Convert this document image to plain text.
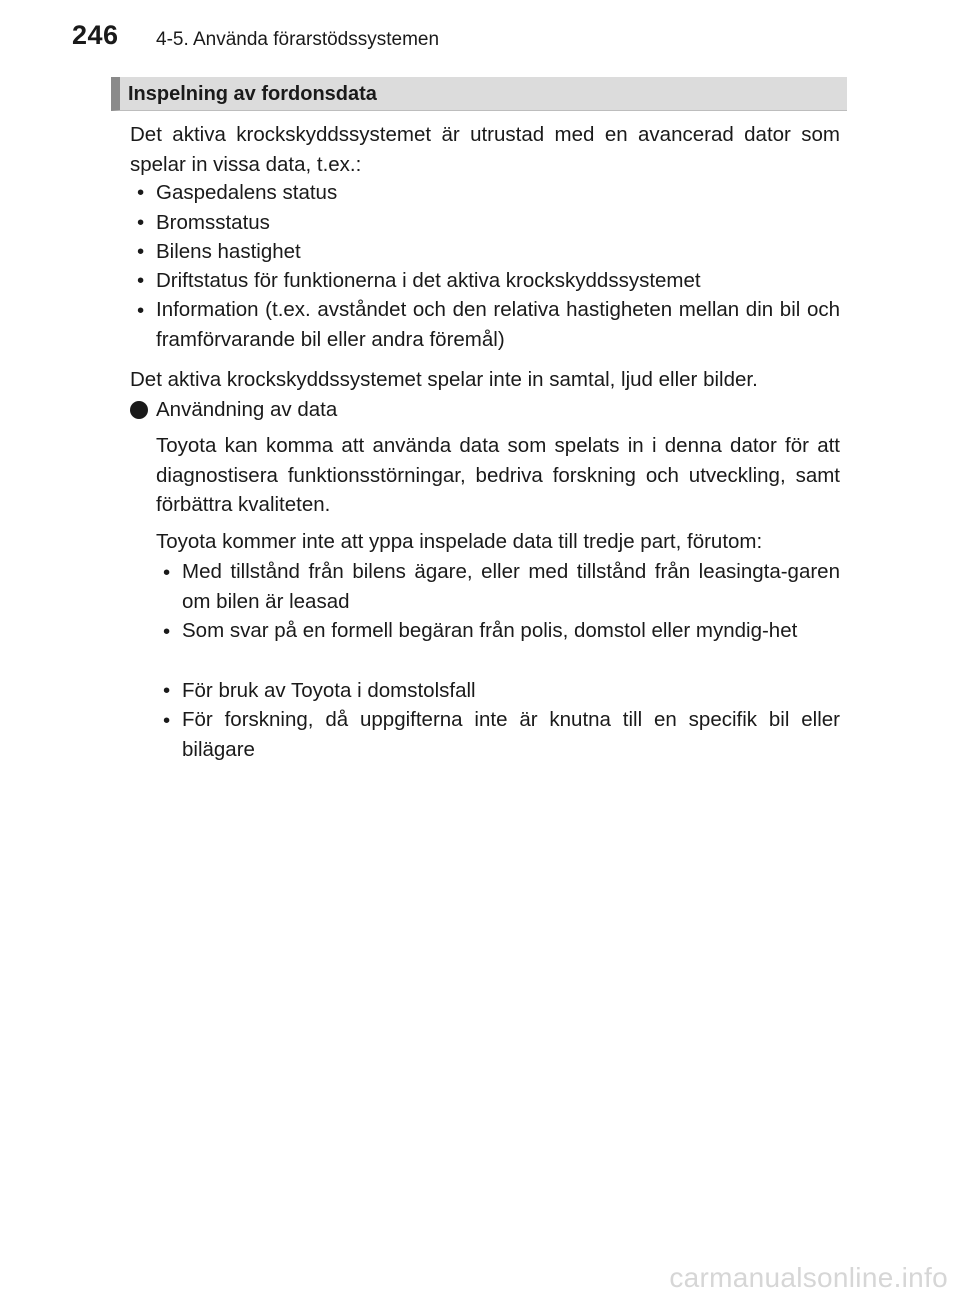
246 4-5. Använda förarstödssystemen
Inspelning av fordonsdata

Det aktiva krockskyddssystemet är utrustad med en avancerad dator som spelar in vissa data, t.ex.:

• Gaspedalens status
• Bromsstatus
• Bilens hastighet
• Driftstatus för funktionerna i det aktiva krockskyddssystemet
• Information (t.ex. avståndet och den relativa hastigheten mellan din bil och framförvarande bil eller andra föremål)

Det aktiva krockskyddssystemet spelar inte in samtal, ljud eller bilder.
Användning av data

Toyota kan komma att använda data som spelats in i denna dator för att diagnostisera funktionsstörningar, bedriva forskning och utveckling, samt förbättra kvaliteten.

Toyota kommer inte att yppa inspelade data till tredje part, förutom:
• Med tillstånd från bilens ägare, eller med tillstånd från leasingta-garen om bilen är leasad

• Som svar på en formell begäran från polis, domstol eller myndig-het

• För bruk av Toyota i domstolsfall
• För forskning, då uppgifterna inte är knutna till en specifik bil eller bilägare

carmanualsonline.info
